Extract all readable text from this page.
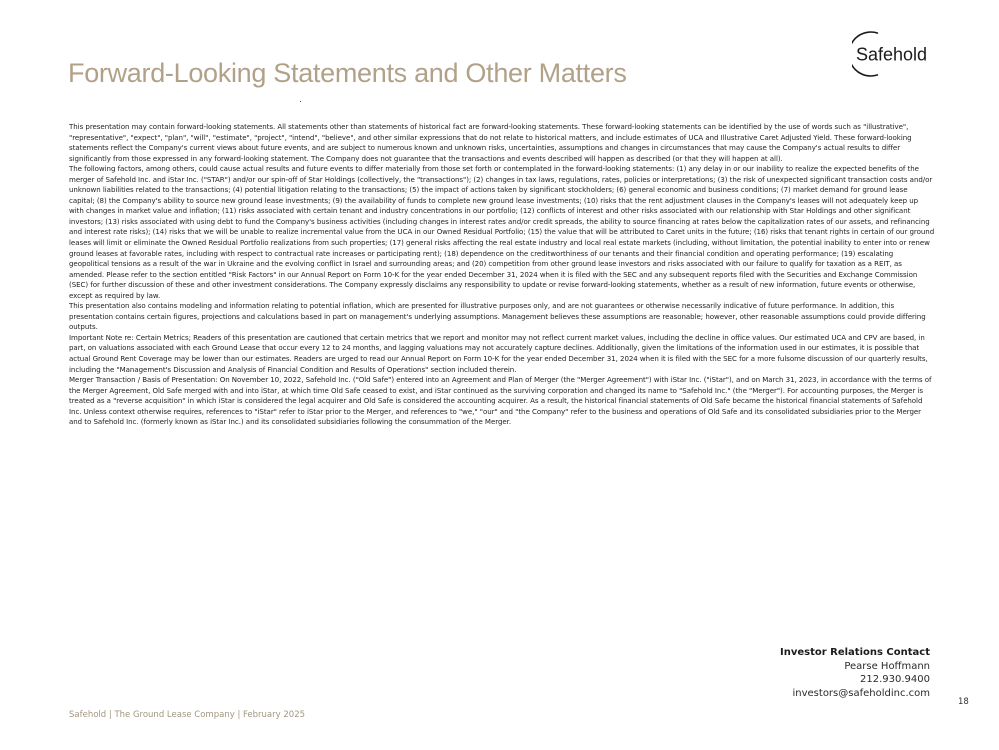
Safehold
Forward-Looking Statements and Other Matters

This presentation may contain forward-looking statements. All statements other than statements of historical fact are forward-looking statements. These forward-looking statements can be identified by the use of words such as "illustrative", "representative", "expect", "plan", "will", "estimate", "project", "intend", "believe", and other similar expressions that do not relate to historical matters, and include estimates of UCA and Illustrative Caret Adjusted Yield. These forward-looking statements reflect the Company's current views about future events, and are subject to numerous known and unknown risks, uncertainties, assumptions and changes in circumstances that may cause the Company's actual results to differ significantly from those expressed in any forward-looking statement. The Company does not guarantee that the transactions and events described will happen as described (or that they will happen at all).

The following factors, among others, could cause actual results and future events to differ materially from those set forth or contemplated in the forward-looking statements: (1) any delay in or our inability to realize the expected benefits of the merger of Safehold Inc. and iStar Inc. ("STAR") and/or our spin-off of Star Holdings (collectively, the "transactions"); (2) changes in tax laws, regulations, rates, policies or interpretations; (3) the risk of unexpected significant transaction costs and/or unknown liabilities related to the transactions; (4) potential litigation relating to the transactions; (5) the impact of actions taken by significant stockholders; (6) general economic and business conditions; (7) market demand for ground lease capital; (8) the Company's ability to source new ground lease investments; (9) the availability of funds to complete new ground lease investments; (10) risks that the rent adjustment clauses in the Company's leases will not adequately keep up with changes in market value and inflation; (11) risks associated with certain tenant and industry concentrations in our portfolio; (12) conflicts of interest and other risks associated with our relationship with Star Holdings and other significant investors; (13) risks associated with using debt to fund the Company's business activities (including changes in interest rates and/or credit spreads, the ability to source financing at rates below the capitalization rates of our assets, and refinancing and interest rate risks); (14) risks that we will be unable to realize incremental value from the UCA in our Owned Residual Portfolio; (15) the value that will be attributed to Caret units in the future; (16) risks that tenant rights in certain of our ground leases will limit or eliminate the Owned Residual Portfolio realizations from such properties; (17) general risks affecting the real estate industry and local real estate markets (including, without limitation, the potential inability to enter into or renew ground leases at favorable rates, including with respect to contractual rate increases or participating rent); (18) dependence on the creditworthiness of our tenants and their financial condition and operating performance; (19) escalating geopolitical tensions as a result of the war in Ukraine and the evolving conflict in Israel and surrounding areas; and (20) competition from other ground lease investors and risks associated with our failure to qualify for taxation as a REIT, as amended. Please refer to the section entitled "Risk Factors" in our Annual Report on Form 10-K for the year ended December 31, 2024 when it is filed with the SEC and any subsequent reports filed with the Securities and Exchange Commission (SEC) for further discussion of these and other investment considerations. The Company expressly disclaims any responsibility to update or revise forward-looking statements, whether as a result of new information, future events or otherwise, except as required by law.

This presentation also contains modeling and information relating to potential inflation, which are presented for illustrative purposes only, and are not guarantees or otherwise necessarily indicative of future performance. In addition, this presentation contains certain figures, projections and calculations based in part on management's underlying assumptions. Management believes these assumptions are reasonable; however, other reasonable assumptions could provide differing outputs.

Important Note re: Certain Metrics; Readers of this presentation are cautioned that certain metrics that we report and monitor may not reflect current market values, including the decline in office values. Our estimated UCA and CPV are based, in part, on valuations associated with each Ground Lease that occur every 12 to 24 months, and lagging valuations may not accurately capture declines. Additionally, given the limitations of the information used in our estimates, it is possible that actual Ground Rent Coverage may be lower than our estimates. Readers are urged to read our Annual Report on Form 10-K for the year ended December 31, 2024 when it is filed with the SEC for a more fulsome discussion of our quarterly results, including the "Management's Discussion and Analysis of Financial Condition and Results of Operations" section included therein.

Merger Transaction / Basis of Presentation: On November 10, 2022, Safehold Inc. ("Old Safe") entered into an Agreement and Plan of Merger (the "Merger Agreement") with iStar Inc. ("iStar"), and on March 31, 2023, in accordance with the terms of the Merger Agreement, Old Safe merged with and into iStar, at which time Old Safe ceased to exist, and iStar continued as the surviving corporation and changed its name to "Safehold Inc." (the "Merger"). For accounting purposes, the Merger is treated as a "reverse acquisition" in which iStar is considered the legal acquirer and Old Safe is considered the accounting acquirer. As a result, the historical financial statements of Old Safe became the historical financial statements of Safehold Inc. Unless context otherwise requires, references to "iStar" refer to iStar prior to the Merger, and references to "we," "our" and "the Company" refer to the business and operations of Old Safe and its consolidated subsidiaries prior to the Merger and to Safehold Inc. (formerly known as iStar Inc.) and its consolidated subsidiaries following the consummation of the Merger.

Investor Relations Contact
Pearse Hoffmann
212.930.9400
investors@safeholdinc.com
18
Safehold | The Ground Lease Company | February 2025
